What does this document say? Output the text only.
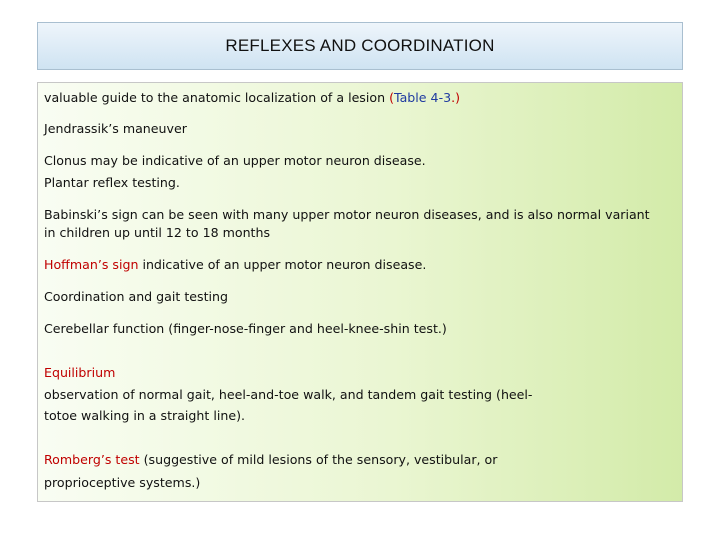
REFLEXES AND COORDINATION
valuable guide to the anatomic localization of a lesion (Table 4-3.)
Jendrassik’s maneuver
Clonus may be indicative of an upper motor neuron disease.
Plantar reflex testing.
Babinski’s sign can be seen with many upper motor neuron diseases, and is also normal variant
in children up until 12 to 18 months
Hoffman’s sign indicative of an upper motor neuron disease.
Coordination and gait testing
Cerebellar function (finger-nose-finger and heel-knee-shin test.)
Equilibrium
observation of normal gait, heel-and-toe walk, and tandem gait testing (heel-
totoe walking in a straight line).
Romberg’s test (suggestive of mild lesions of the sensory, vestibular, or
proprioceptive systems.)
